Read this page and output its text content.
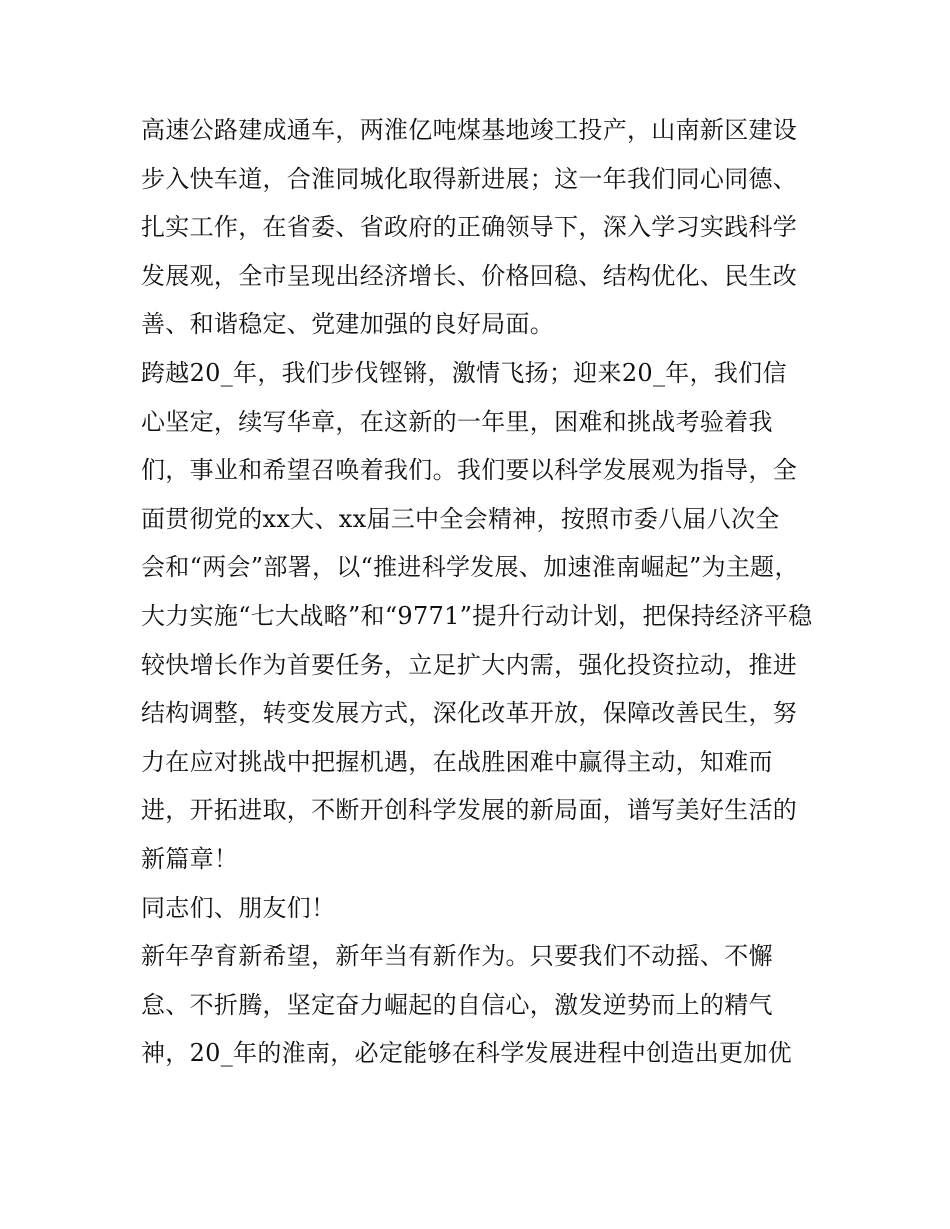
高速公路建成通车，两淮亿吨煤基地竣工投产，山南新区建设
步入快车道，合淮同城化取得新进展；这一年我们同心同德、
扎实工作，在省委、省政府的正确领导下，深入学习实践科学
发展观，全市呈现出经济增长、价格回稳、结构优化、民生改
善、和谐稳定、党建加强的良好局面。
跨越20_年，我们步伐铿锵，激情飞扬；迎来20_年，我们信
心坚定，续写华章，在这新的一年里，困难和挑战考验着我
们，事业和希望召唤着我们。我们要以科学发展观为指导，全
面贯彻党的xx大、xx届三中全会精神，按照市委八届八次全
会和“两会”部署，以“推进科学发展、加速淮南崛起”为主题，
大力实施“七大战略”和“9771”提升行动计划，把保持经济平稳
较快增长作为首要任务，立足扩大内需，强化投资拉动，推进
结构调整，转变发展方式，深化改革开放，保障改善民生，努
力在应对挑战中把握机遇，在战胜困难中赢得主动，知难而
进，开拓进取，不断开创科学发展的新局面，谱写美好生活的
新篇章！
同志们、朋友们！
新年孕育新希望，新年当有新作为。只要我们不动摇、不懈
怠、不折腾，坚定奋力崛起的自信心，激发逆势而上的精气
神，20_年的淮南，必定能够在科学发展进程中创造出更加优
